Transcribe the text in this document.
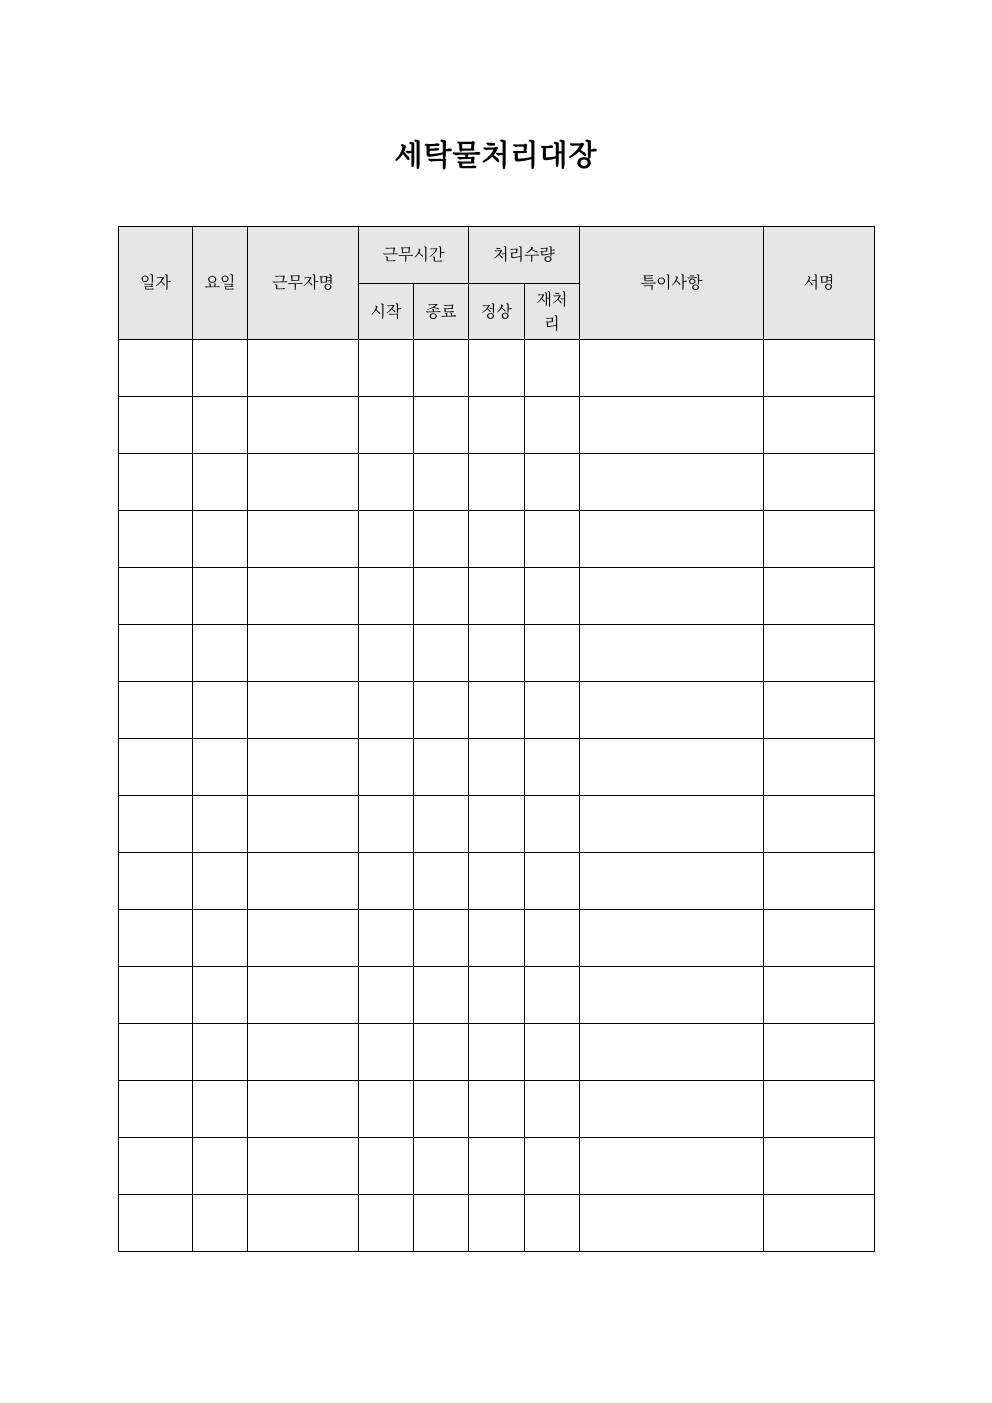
세탁물처리대장
일자	요일	근무자명	근무시간		처리수량		특이사항	서명
			시작	종료	정상	재처리		
